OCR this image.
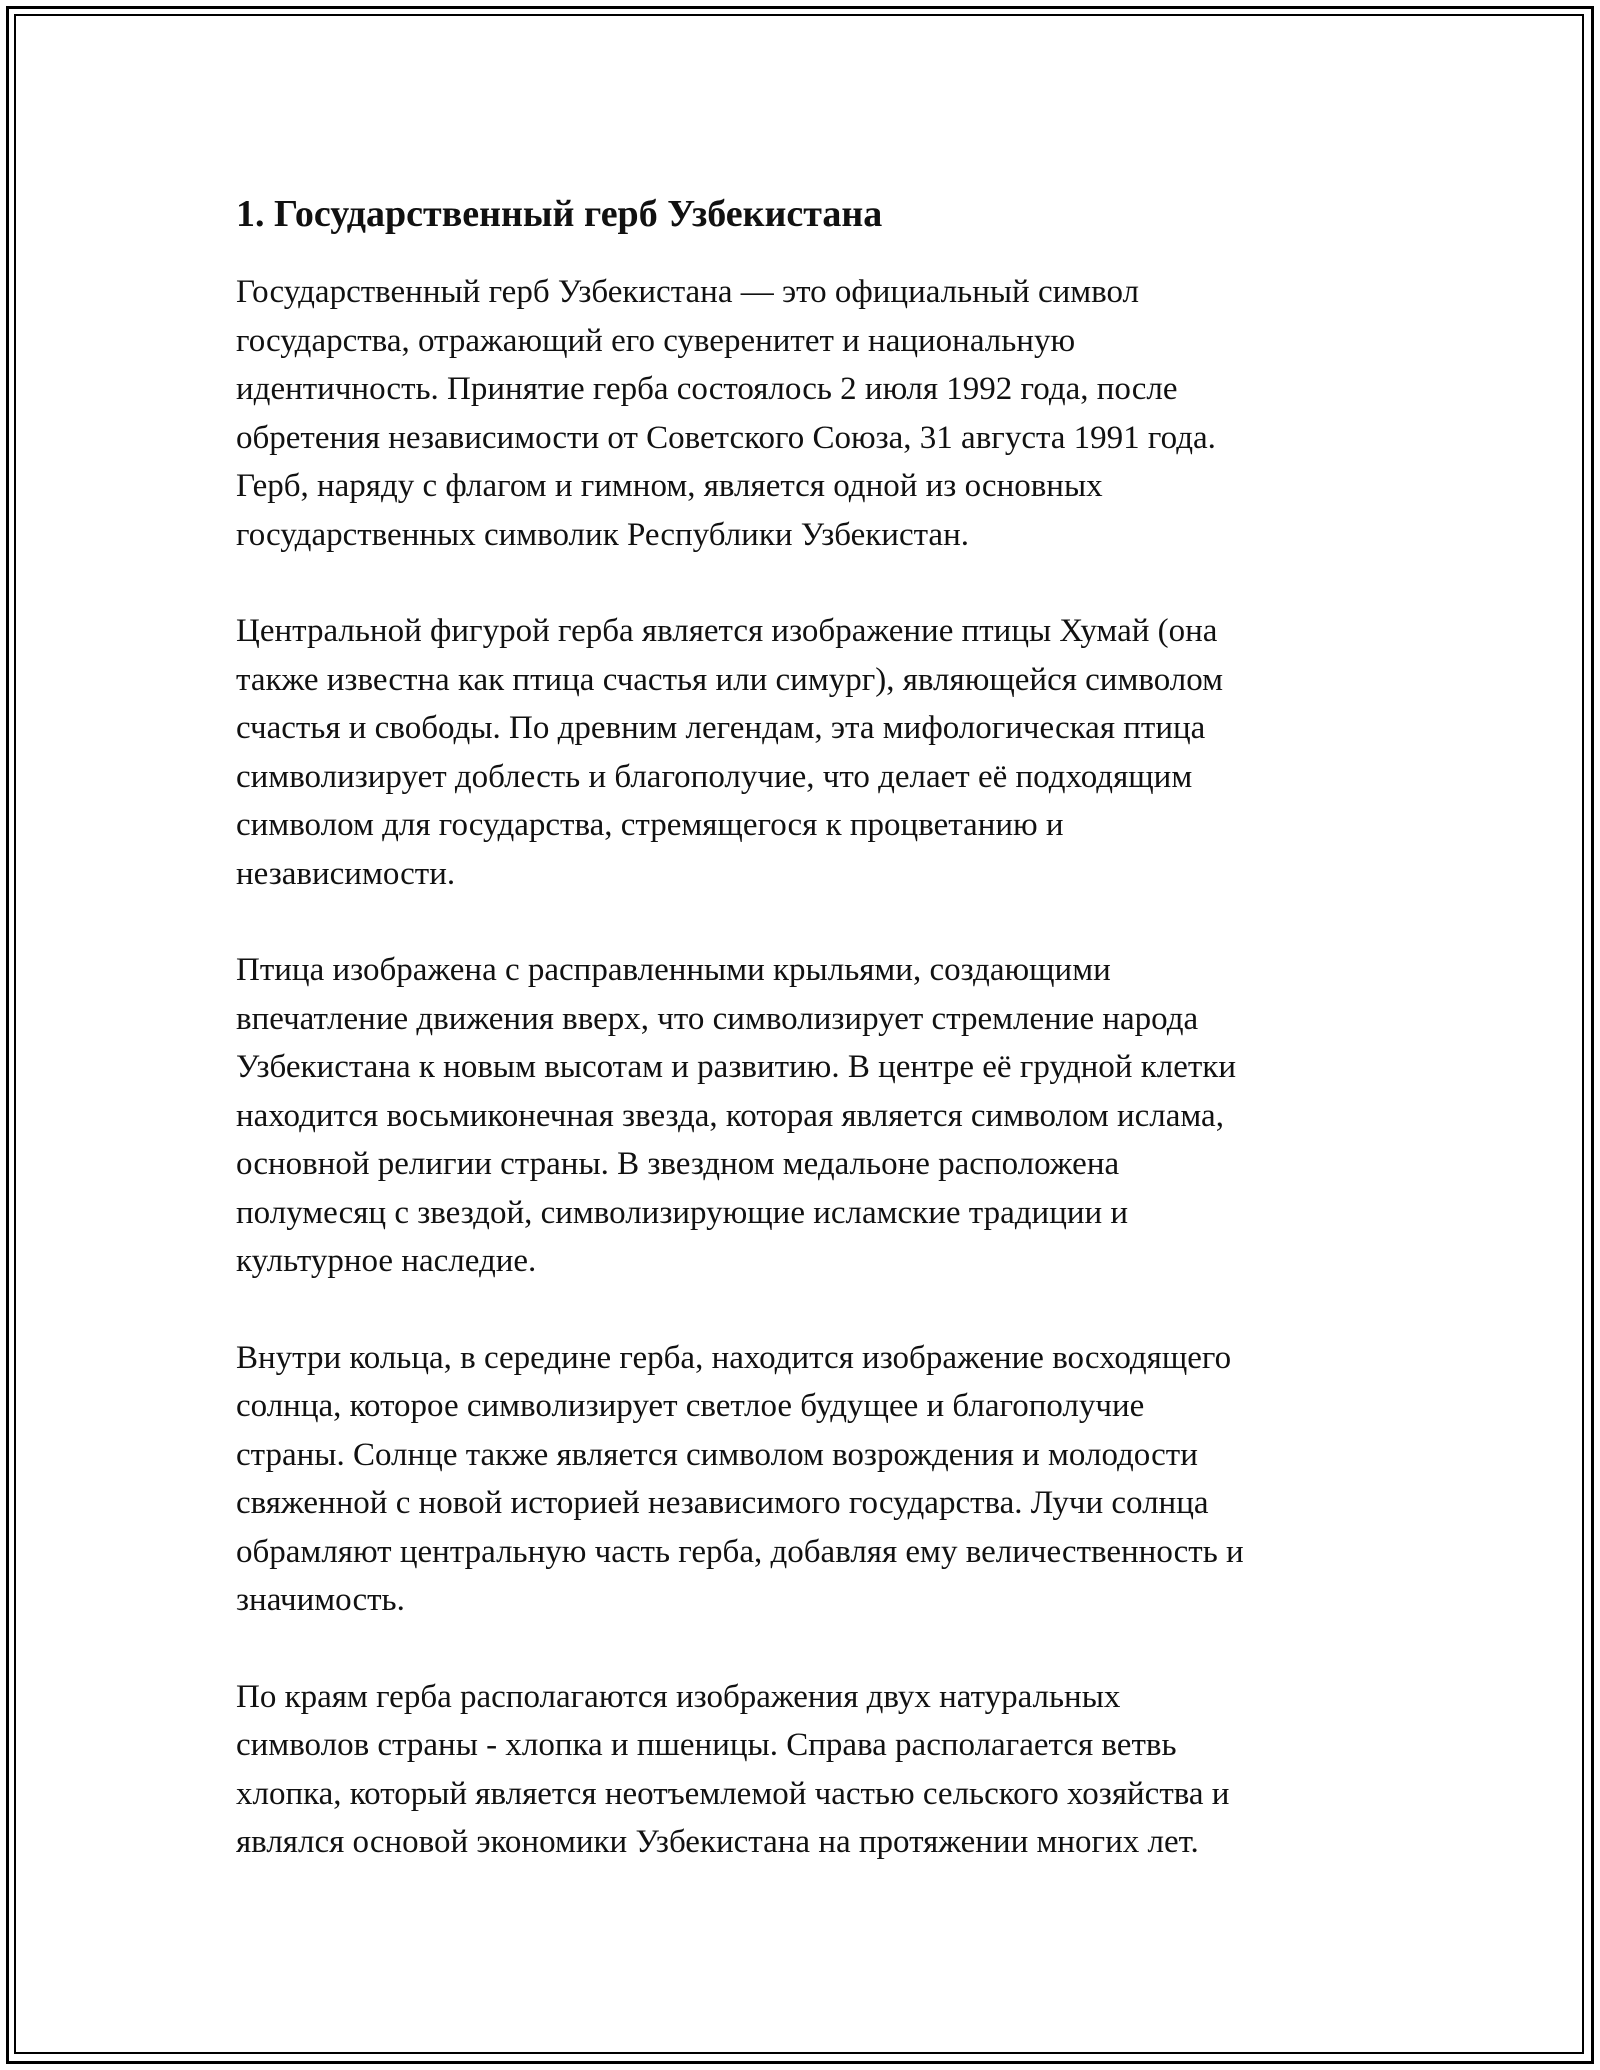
1. Государственный герб Узбекистана

Государственный герб Узбекистана — это официальный символ
государства, отражающий его суверенитет и национальную
идентичность. Принятие герба состоялось 2 июля 1992 года, после
обретения независимости от Советского Союза, 31 августа 1991 года.
Герб, наряду с флагом и гимном, является одной из основных
государственных символик Республики Узбекистан.

Центральной фигурой герба является изображение птицы Хумай (она
также известна как птица счастья или симург), являющейся символом
счастья и свободы. По древним легендам, эта мифологическая птица
символизирует доблесть и благополучие, что делает её подходящим
символом для государства, стремящегося к процветанию и
независимости.

Птица изображена с расправленными крыльями, создающими
впечатление движения вверх, что символизирует стремление народа
Узбекистана к новым высотам и развитию. В центре её грудной клетки
находится восьмиконечная звезда, которая является символом ислама,
основной религии страны. В звездном медальоне расположена
полумесяц с звездой, символизирующие исламские традиции и
культурное наследие.

Внутри кольца, в середине герба, находится изображение восходящего
солнца, которое символизирует светлое будущее и благополучие
страны. Солнце также является символом возрождения и молодости
свяженной с новой историей независимого государства. Лучи солнца
обрамляют центральную часть герба, добавляя ему величественность и
значимость.

По краям герба располагаются изображения двух натуральных
символов страны - хлопка и пшеницы. Справа располагается ветвь
хлопка, который является неотъемлемой частью сельского хозяйства и
являлся основой экономики Узбекистана на протяжении многих лет.
